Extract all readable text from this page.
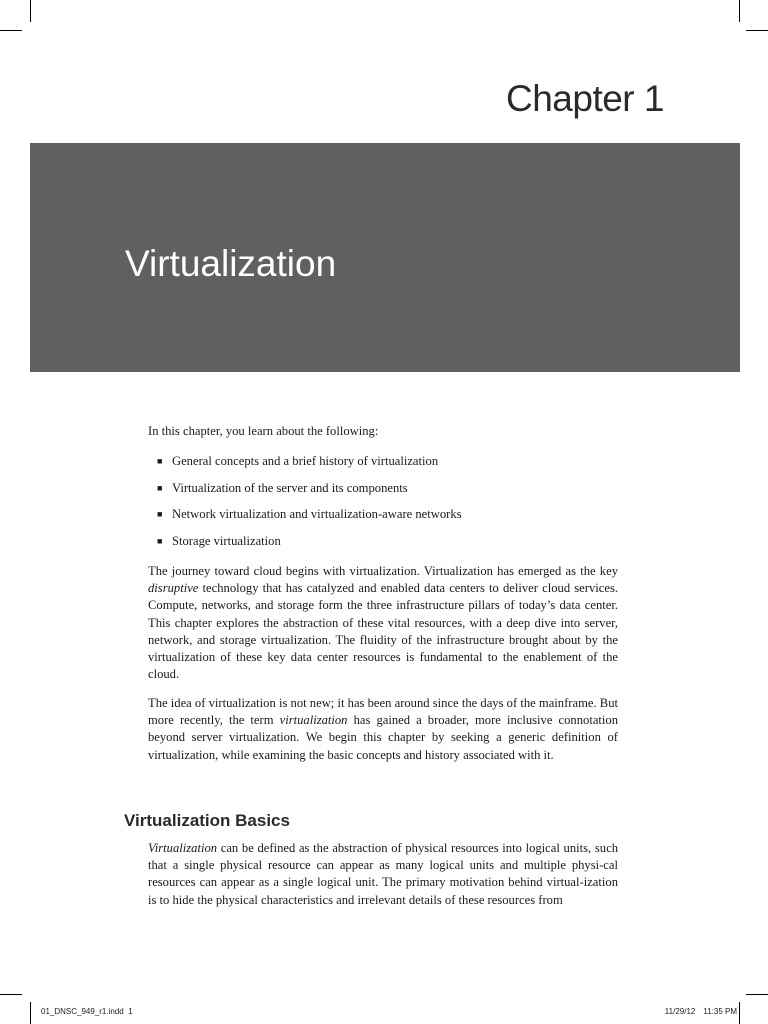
Chapter 1
Virtualization
In this chapter, you learn about the following:
■ General concepts and a brief history of virtualization
■ Virtualization of the server and its components
■ Network virtualization and virtualization-aware networks
■ Storage virtualization

The journey toward cloud begins with virtualization. Virtualization has emerged as the key disruptive technology that has catalyzed and enabled data centers to deliver cloud services. Compute, networks, and storage form the three infrastructure pillars of today’s data center. This chapter explores the abstraction of these vital resources, with a deep dive into server, network, and storage virtualization. The fluidity of the infrastructure brought about by the virtualization of these key data center resources is fundamental to the enablement of the cloud.

The idea of virtualization is not new; it has been around since the days of the mainframe. But more recently, the term virtualization has gained a broader, more inclusive connotation beyond server virtualization. We begin this chapter by seeking a generic definition of virtualization, while examining the basic concepts and history associated with it.

Virtualization Basics

Virtualization can be defined as the abstraction of physical resources into logical units, such that a single physical resource can appear as many logical units and multiple physi-cal resources can appear as a single logical unit. The primary motivation behind virtual-ization is to hide the physical characteristics and irrelevant details of these resources from

01_DNSC_949_r1.indd 1	11/29/12 11:35 PM
